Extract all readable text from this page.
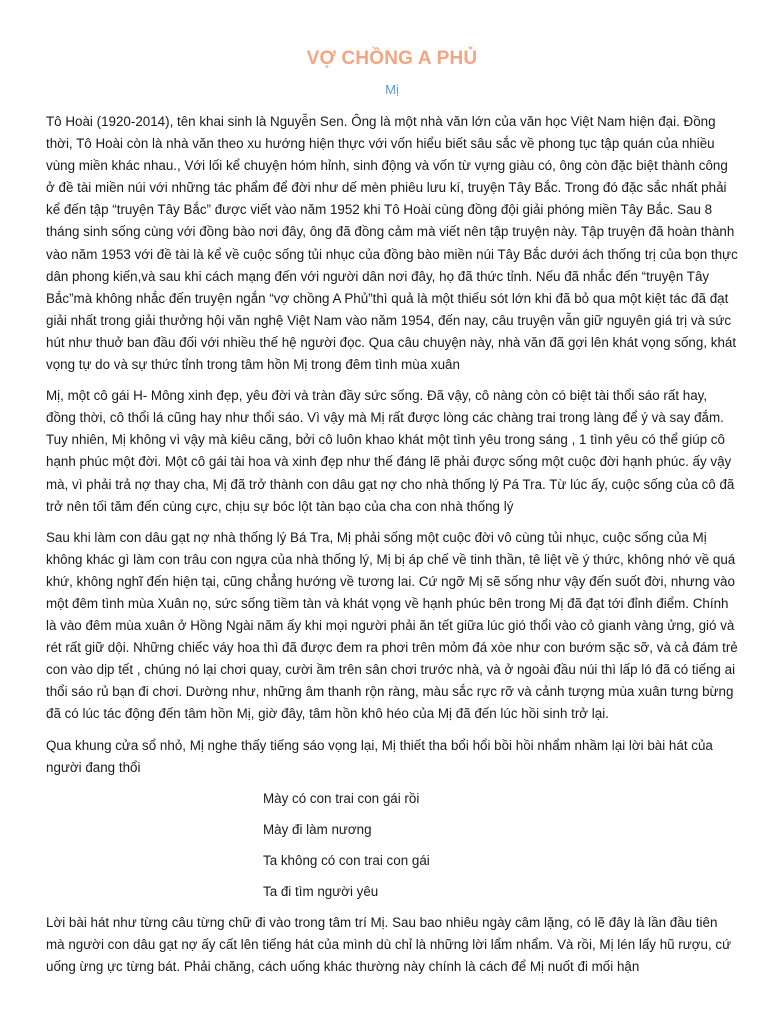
VỢ CHỒNG A PHỦ
Mị

Tô Hoài (1920-2014), tên khai sinh là Nguyễn Sen. Ông là một nhà văn lớn của văn học Việt Nam hiện đại. Đồng thời, Tô Hoài còn là nhà văn theo xu hướng hiện thực với vốn hiểu biết sâu sắc về phong tục tập quán của nhiều vùng miền khác nhau., Với lối kể chuyện hóm hỉnh, sinh động và vốn từ vựng giàu có, ông còn đặc biệt thành công ở đề tài miền núi với những tác phẩm để đời như dế mèn phiêu lưu kí, truyện Tây Bắc. Trong đó đặc sắc nhất phải kể đến tập “truyện Tây Bắc” được viết vào năm 1952 khi Tô Hoài cùng đồng đội giải phóng miền Tây Bắc. Sau 8 tháng sinh sống cùng với đồng bào nơi đây, ông đã đồng cảm mà viết nên tập truyện này. Tập truyện đã hoàn thành vào năm 1953 với đề tài là kể về cuộc sống tủi nhục của đồng bào miền núi Tây Bắc dưới ách thống trị của bọn thực dân phong kiến,và sau khi cách mạng đến với người dân nơi đây, họ đã thức tỉnh. Nếu đã nhắc đến “truyện Tây Bắc”mà không nhắc đến truyện ngắn “vợ chồng A Phủ”thì quả là một thiếu sót lớn khi đã bỏ qua một kiệt tác đã đạt giải nhất trong giải thưởng hội văn nghệ Việt Nam vào năm 1954, đến nay, câu truyện vẫn giữ nguyên giá trị và sức hút như thuở ban đầu đối với nhiều thế hệ người đọc. Qua câu chuyện này, nhà văn đã gợi lên khát vọng sống, khát vọng tự do và sự thức tỉnh trong tâm hồn Mị trong đêm tình mùa xuân

Mị, một cô gái H- Mông xinh đẹp, yêu đời và tràn đầy sức sống. Đã vậy, cô nàng còn có biệt tài thổi sáo rất hay, đồng thời, cô thổi lá cũng hay như thổi sáo. Vì vậy mà Mị rất được lòng các chàng trai trong làng để ý và say đắm. Tuy nhiên, Mị không vì vậy mà kiêu căng, bởi cô luôn khao khát một tình yêu trong sáng , 1 tình yêu có thể giúp cô hạnh phúc một đời. Một cô gái tài hoa và xinh đẹp như thế đáng lẽ phải được sống một cuộc đời hạnh phúc. ấy vậy mà, vì phải trả nợ thay cha, Mị đã trở thành con dâu gạt nợ cho nhà thống lý Pá Tra. Từ lúc ấy, cuộc sống của cô đã trở nên tối tăm đến cùng cực, chịu sự bóc lột tàn bạo của cha con nhà thống lý

Sau khi làm con dâu gạt nợ nhà thống lý Bá Tra, Mị phải sống một cuộc đời vô cùng tủi nhục, cuộc sống của Mị không khác gì làm con trâu con ngựa của nhà thống lý, Mị bị áp chế về tinh thần, tê liệt về ý thức, không nhớ về quá khứ, không nghĩ đến hiện tại, cũng chẳng hướng về tương lai. Cứ ngỡ Mị sẽ sống như vậy đến suốt đời, nhưng vào một đêm tình mùa Xuân nọ, sức sống tiềm tàn và khát vọng về hạnh phúc bên trong Mị đã đạt tới đỉnh điểm. Chính là vào đêm mùa xuân ở Hồng Ngài năm ấy khi mọi người phải ăn tết giữa lúc gió thổi vào cỏ gianh vàng ửng, gió và rét rất giữ dội. Những chiếc váy hoa thì đã được đem ra phơi trên mỏm đá xòe như con bướm sặc sỡ, và cả đám trẻ con vào dịp tết , chúng nó lại chơi quay, cười ầm trên sân chơi trước nhà, và ở ngoài đầu núi thì lấp ló đã có tiếng ai thổi sáo rủ bạn đi chơi. Dường như, những âm thanh rộn ràng, màu sắc rực rỡ và cảnh tượng mùa xuân tưng bừng đã có lúc tác động đến tâm hồn Mị, giờ đây, tâm hồn khô héo của Mị đã đến lúc hồi sinh trở lại.

Qua khung cửa sổ nhỏ, Mị nghe thấy tiếng sáo vọng lại, Mị thiết tha bổi hổi bồi hồi nhẩm nhầm lại lời bài hát của người đang thổi

Mày có con trai con gái rồi
Mày đi làm nương
Ta không có con trai con gái
Ta đi tìm người yêu

Lời bài hát như từng câu từng chữ đi vào trong tâm trí Mị. Sau bao nhiêu ngày câm lặng, có lẽ đây là lần đầu tiên mà người con dâu gạt nợ ấy cất lên tiếng hát của mình dù chỉ là những lời lẩm nhẩm. Và rồi, Mị lén lấy hũ rượu, cứ uống ừng ực từng bát. Phải chăng, cách uống khác thường này chính là cách để Mị nuốt đi mối hận
